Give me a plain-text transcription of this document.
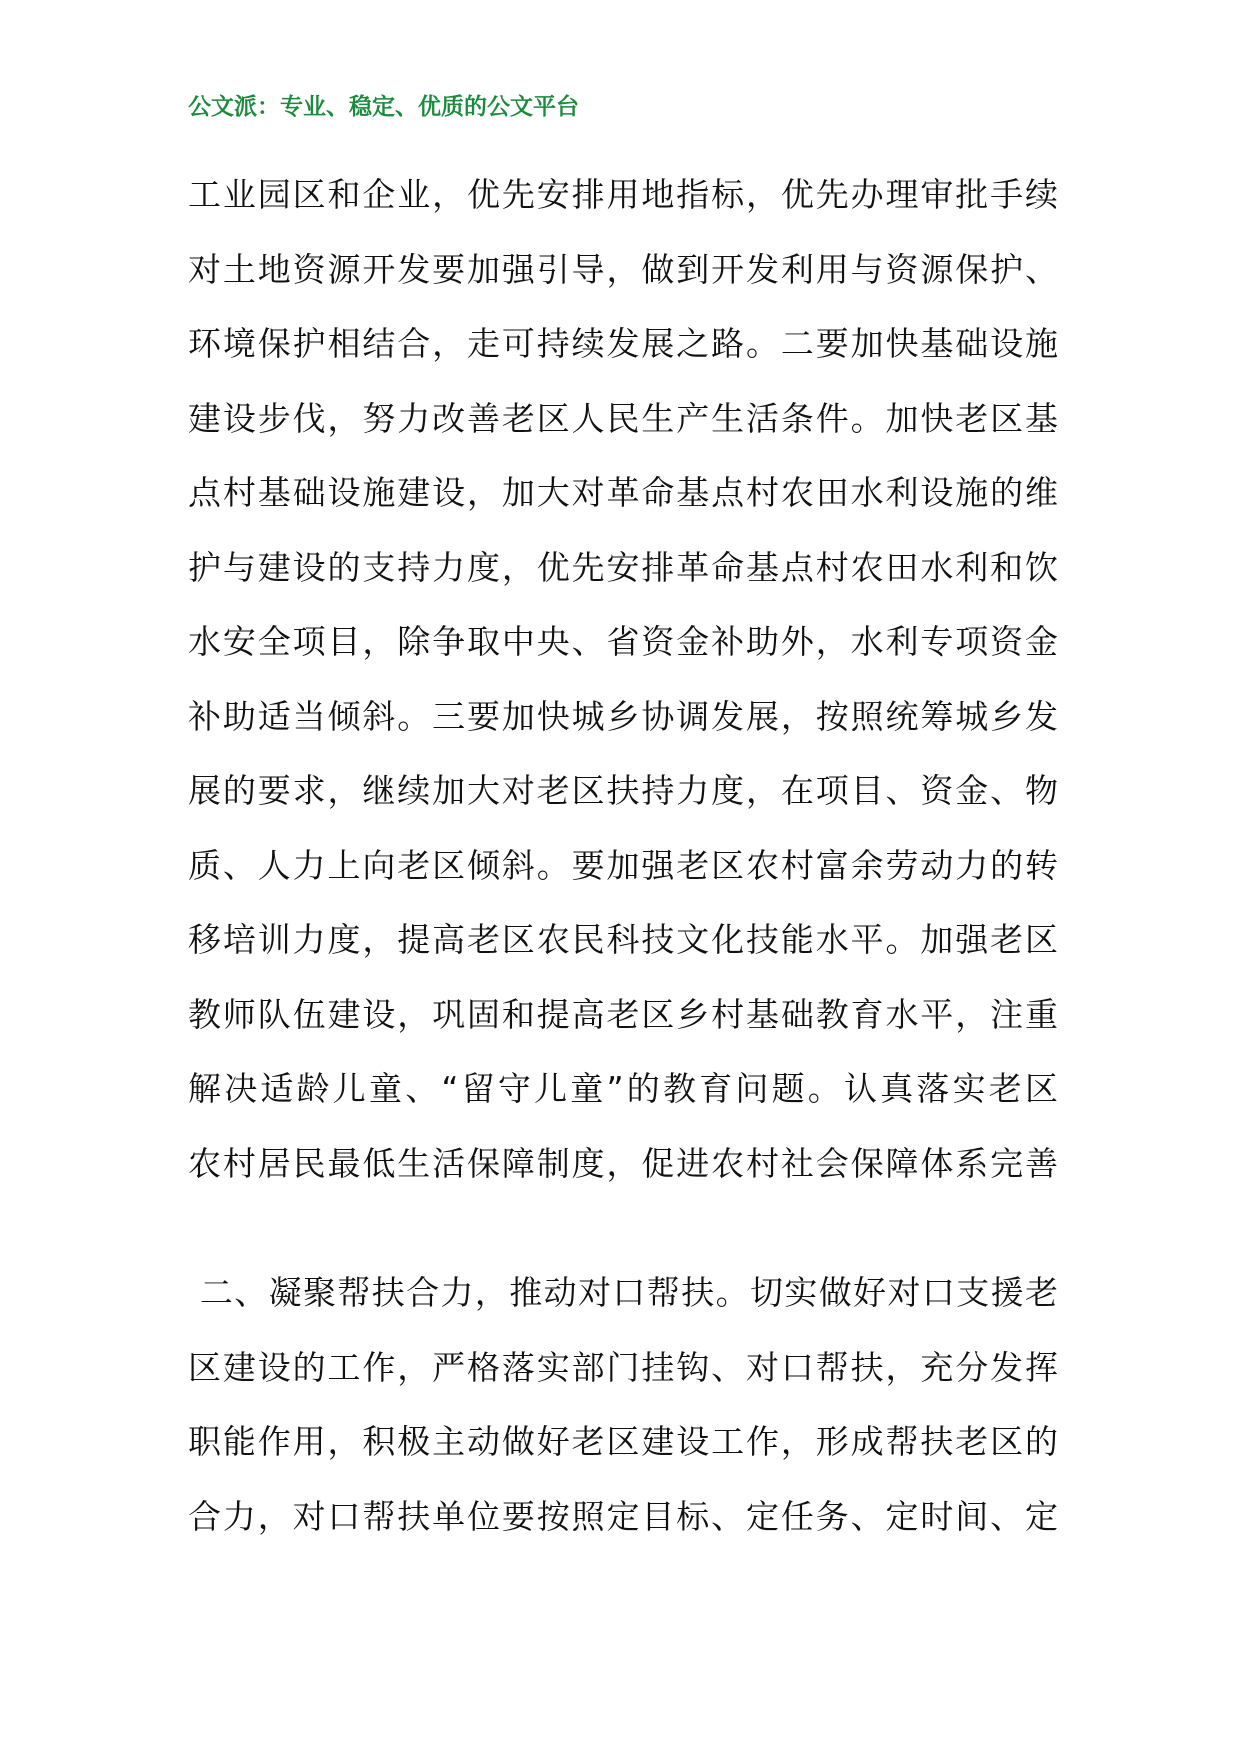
公文派：专业、稳定、优质的公文平台
工业园区和企业，优先安排用地指标，优先办理审批手续
对土地资源开发要加强引导，做到开发利用与资源保护、
环境保护相结合，走可持续发展之路。二要加快基础设施
建设步伐，努力改善老区人民生产生活条件。加快老区基
点村基础设施建设，加大对革命基点村农田水利设施的维
护与建设的支持力度，优先安排革命基点村农田水利和饮
水安全项目，除争取中央、省资金补助外，水利专项资金
补助适当倾斜。三要加快城乡协调发展，按照统筹城乡发
展的要求，继续加大对老区扶持力度，在项目、资金、物
质、人力上向老区倾斜。要加强老区农村富余劳动力的转
移培训力度，提高老区农民科技文化技能水平。加强老区
教师队伍建设，巩固和提高老区乡村基础教育水平，注重
解决适龄儿童、“留守儿童”的教育问题。认真落实老区
农村居民最低生活保障制度，促进农村社会保障体系完善
二、凝聚帮扶合力，推动对口帮扶。切实做好对口支援老
区建设的工作，严格落实部门挂钩、对口帮扶，充分发挥
职能作用，积极主动做好老区建设工作，形成帮扶老区的
合力，对口帮扶单位要按照定目标、定任务、定时间、定
